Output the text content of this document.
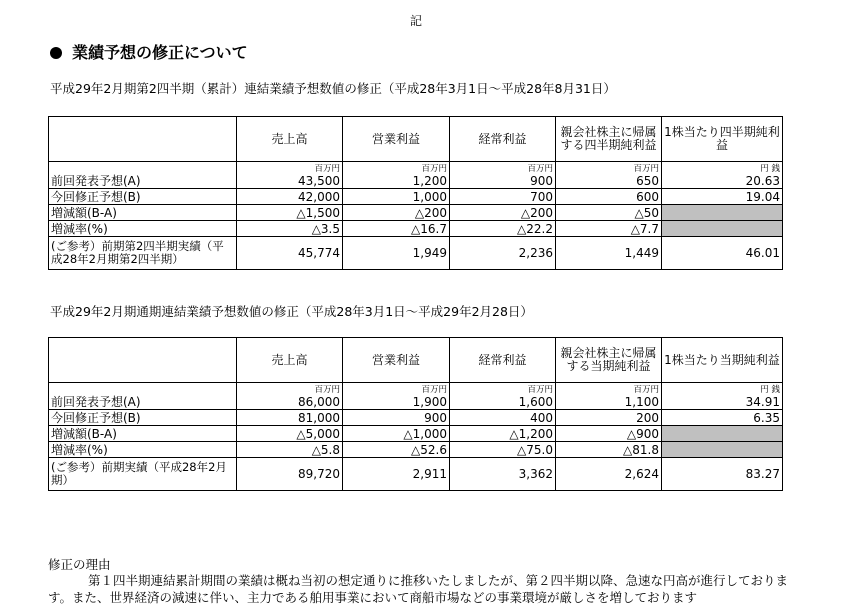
記
業績予想の修正について
平成29年2月期第2四半期（累計）連結業績予想数値の修正（平成28年3月1日～平成28年8月31日）
	売上高	営業利益	経常利益	親会社株主に帰属する四半期純利益	1株当たり四半期純利益
	百万円	百万円	百万円	百万円	円 銭
前回発表予想(A)	43,500	1,200	900	650	20.63
今回修正予想(B)	42,000	1,000	700	600	19.04
増減額(B-A)	△1,500	△200	△200	△50	
増減率(%)	△3.5	△16.7	△22.2	△7.7	
(ご参考）前期第2四半期実績（平成28年2月期第2四半期）	45,774	1,949	2,236	1,449	46.01
平成29年2月期通期連結業績予想数値の修正（平成28年3月1日～平成29年2月28日）
	売上高	営業利益	経常利益	親会社株主に帰属する当期純利益	1株当たり当期純利益
	百万円	百万円	百万円	百万円	円 銭
前回発表予想(A)	86,000	1,900	1,600	1,100	34.91
今回修正予想(B)	81,000	900	400	200	6.35
増減額(B-A)	△5,000	△1,000	△1,200	△900	
増減率(%)	△5.8	△52.6	△75.0	△81.8	
(ご参考）前期実績（平成28年2月期）	89,720	2,911	3,362	2,624	83.27
修正の理由

第１四半期連結累計期間の業績は概ね当初の想定通りに推移いたしましたが、第２四半期以降、急速な円高が進行しております。また、世界経済の減速に伴い、主力である舶用事業において商船市場などの事業環境が厳しさを増しております
